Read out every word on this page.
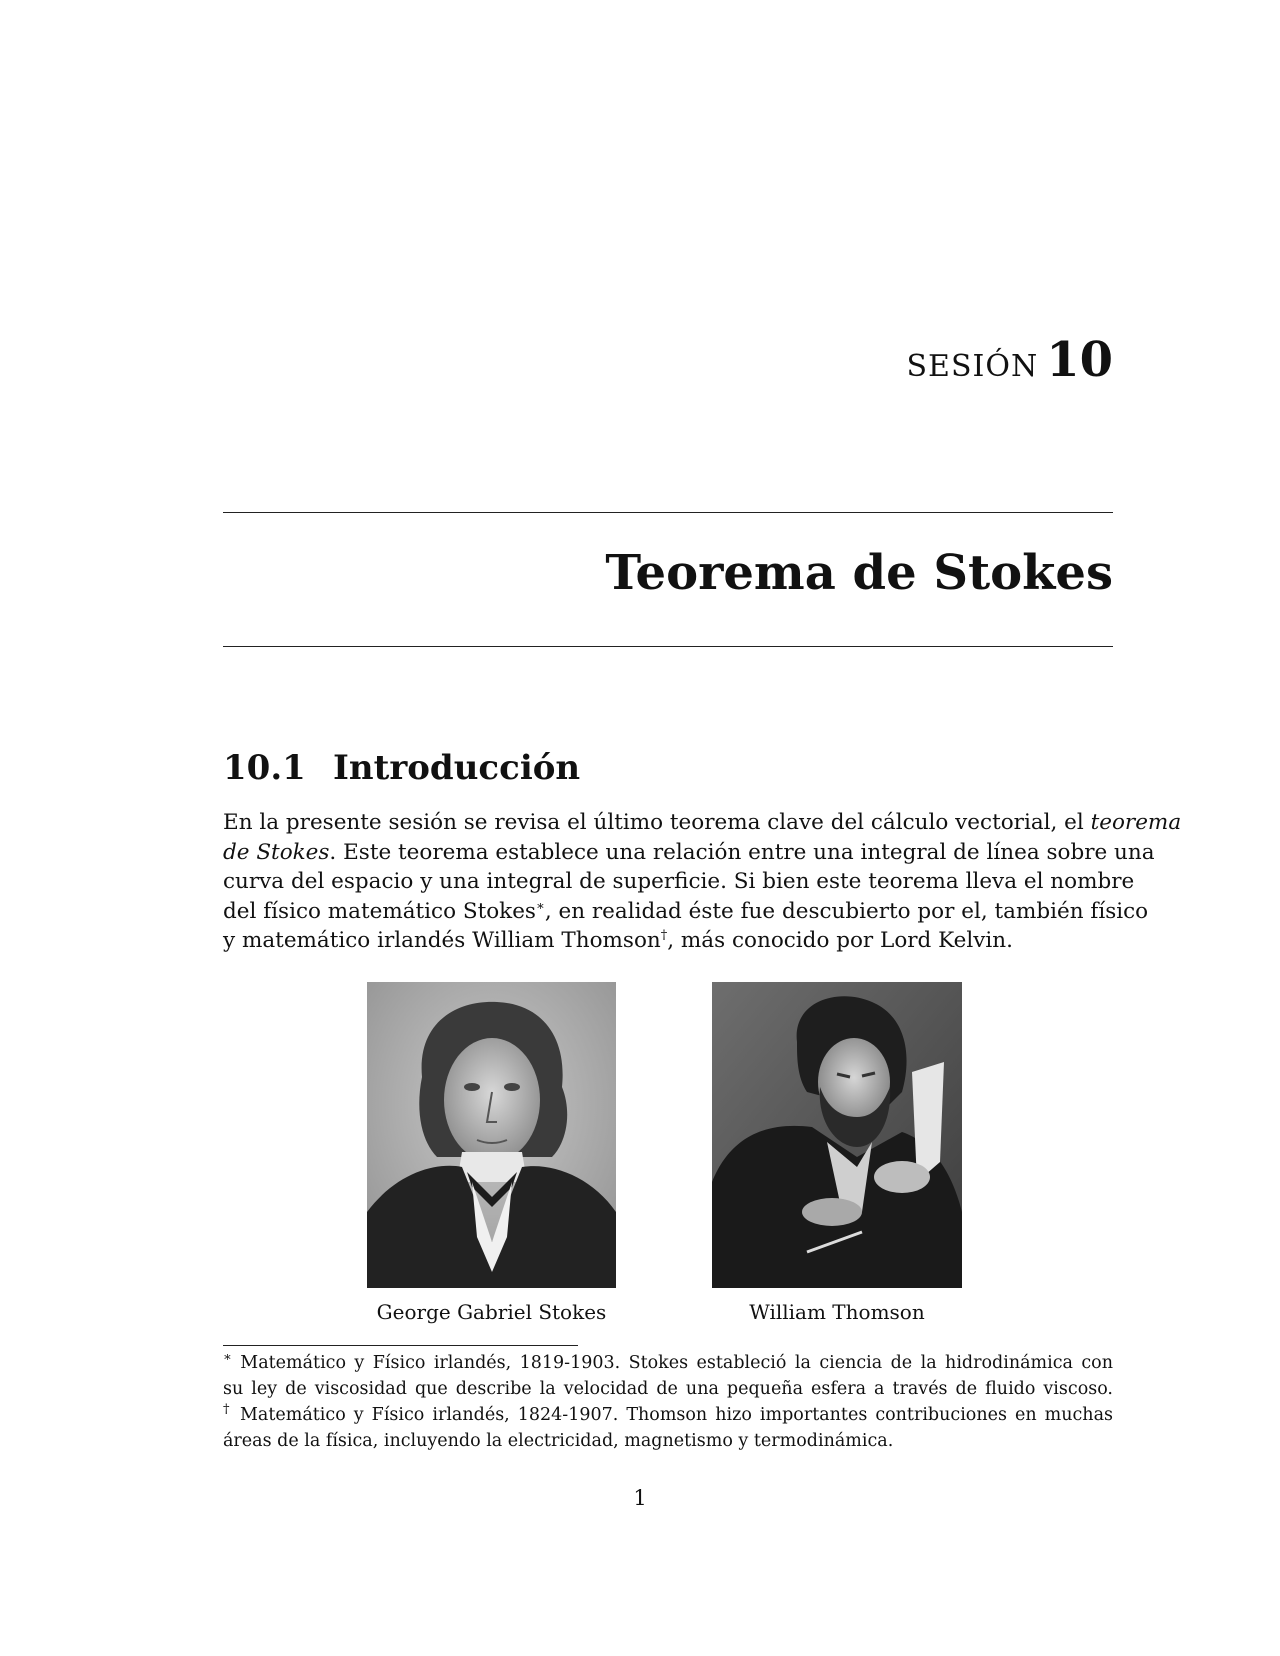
SESIÓN 10
Teorema de Stokes
10.1 Introducción
En la presente sesión se revisa el último teorema clave del cálculo vectorial, el teorema
de Stokes. Este teorema establece una relación entre una integral de línea sobre una
curva del espacio y una integral de superficie. Si bien este teorema lleva el nombre
del físico matemático Stokes∗, en realidad éste fue descubierto por el, también físico
y matemático irlandés William Thomson†, más conocido por Lord Kelvin.
George Gabriel Stokes	William Thomson
∗ Matemático y Físico irlandés, 1819-1903. Stokes estableció la ciencia de la hidrodinámica con
su ley de viscosidad que describe la velocidad de una pequeña esfera a través de fluido viscoso.
† Matemático y Físico irlandés, 1824-1907. Thomson hizo importantes contribuciones en muchas
áreas de la física, incluyendo la electricidad, magnetismo y termodinámica.
1
